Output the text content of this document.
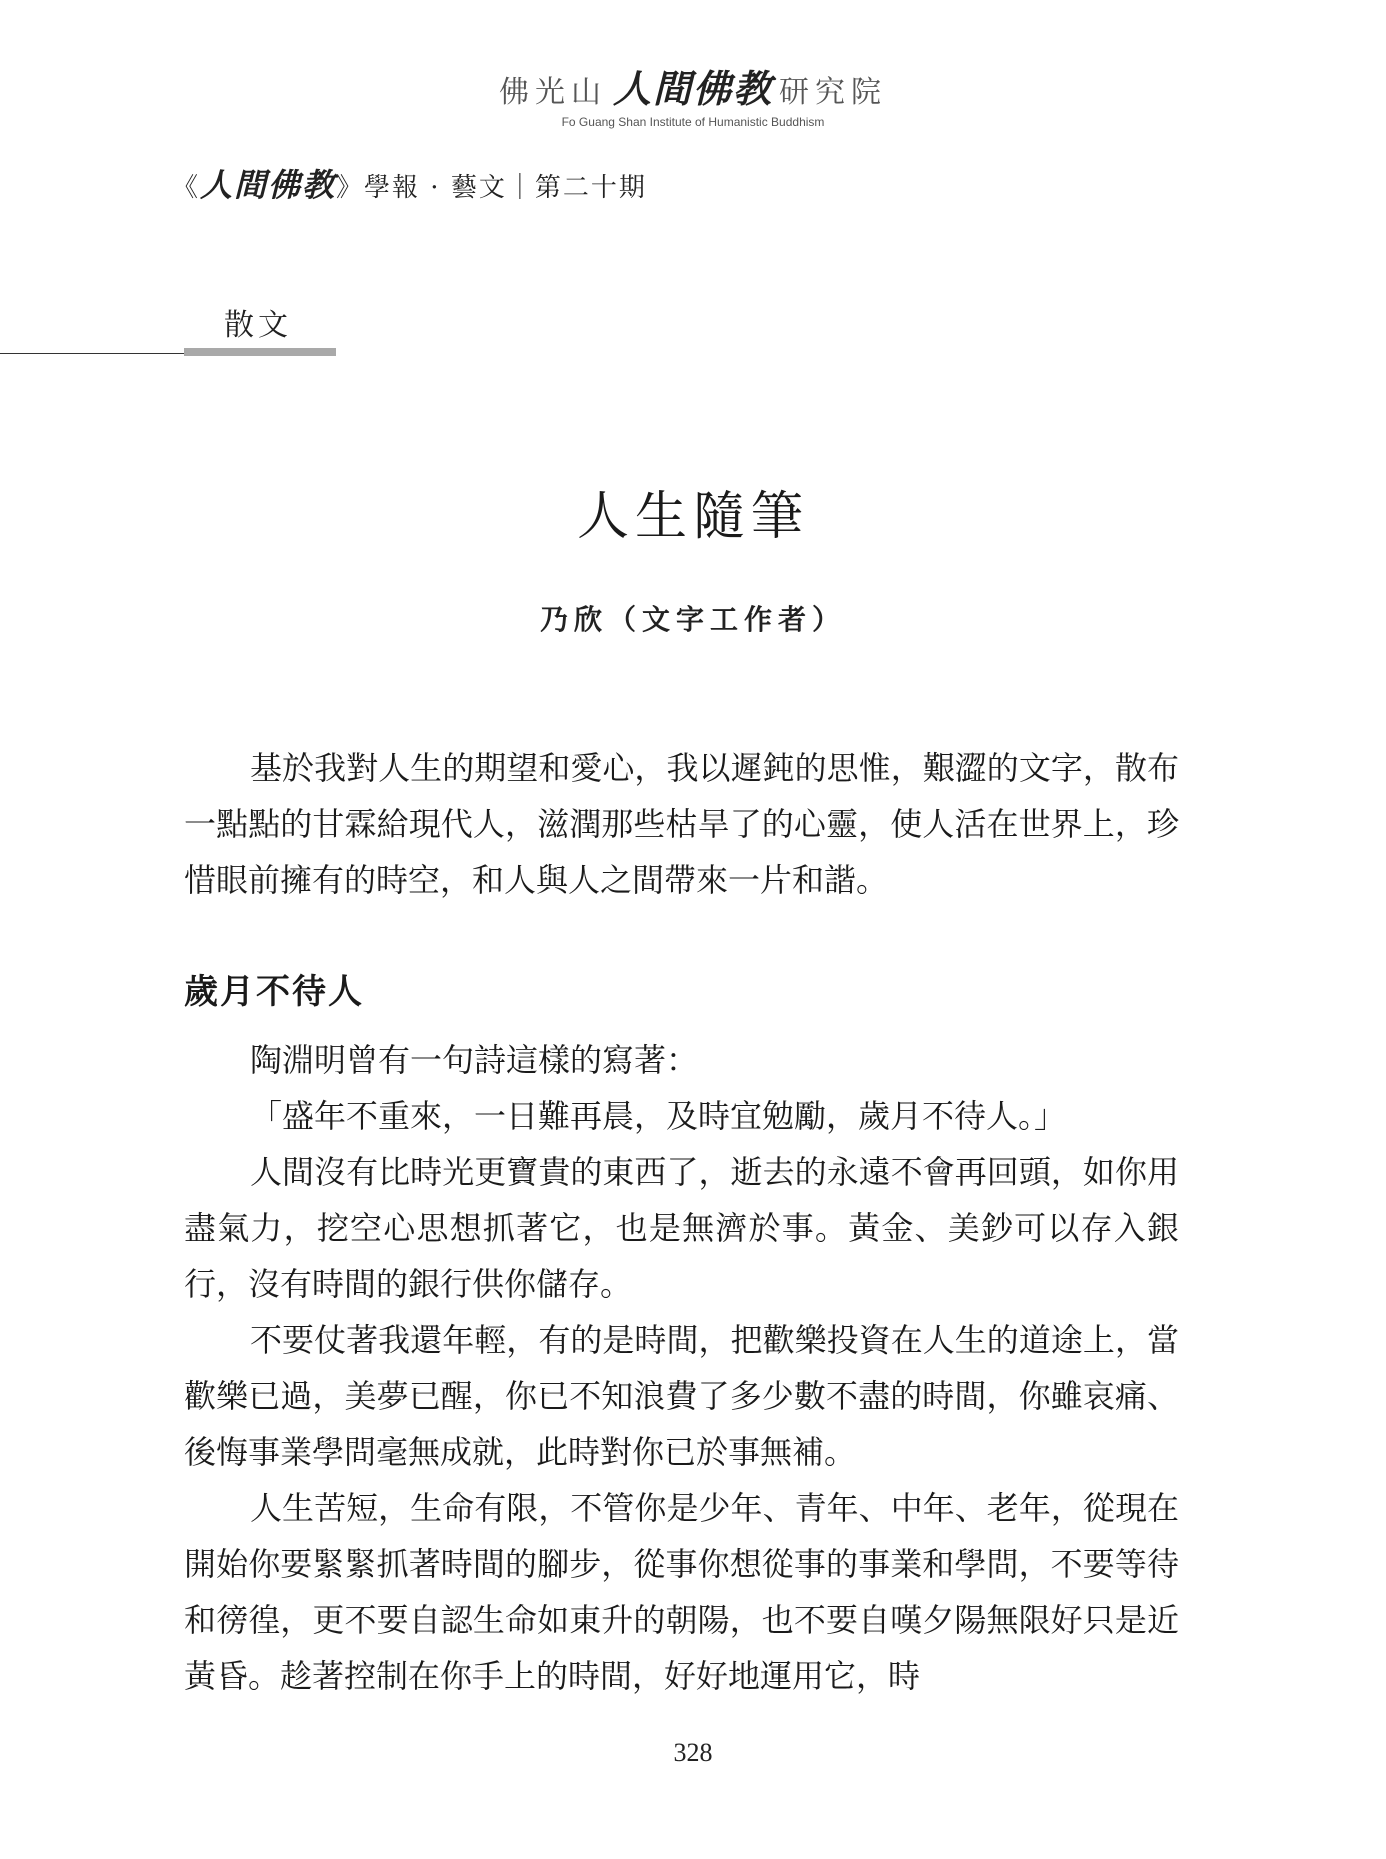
佛光山 人間佛教 研究院
Fo Guang Shan Institute of Humanistic Buddhism
《人間佛教》學報 · 藝文｜第二十期
散文
人生隨筆
乃欣（文字工作者）

基於我對人生的期望和愛心，我以遲鈍的思惟，艱澀的文字，散布一點點的甘霖給現代人，滋潤那些枯旱了的心靈，使人活在世界上，珍惜眼前擁有的時空，和人與人之間帶來一片和諧。

歲月不待人

陶淵明曾有一句詩這樣的寫著：

「盛年不重來，一日難再晨，及時宜勉勵，歲月不待人。」

人間沒有比時光更寶貴的東西了，逝去的永遠不會再回頭，如你用盡氣力，挖空心思想抓著它，也是無濟於事。黃金、美鈔可以存入銀行，沒有時間的銀行供你儲存。

不要仗著我還年輕，有的是時間，把歡樂投資在人生的道途上，當歡樂已過，美夢已醒，你已不知浪費了多少數不盡的時間，你雖哀痛、後悔事業學問毫無成就，此時對你已於事無補。

人生苦短，生命有限，不管你是少年、青年、中年、老年，從現在開始你要緊緊抓著時間的腳步，從事你想從事的事業和學問，不要等待和徬徨，更不要自認生命如東升的朝陽，也不要自嘆夕陽無限好只是近黃昏。趁著控制在你手上的時間，好好地運用它，時

328
